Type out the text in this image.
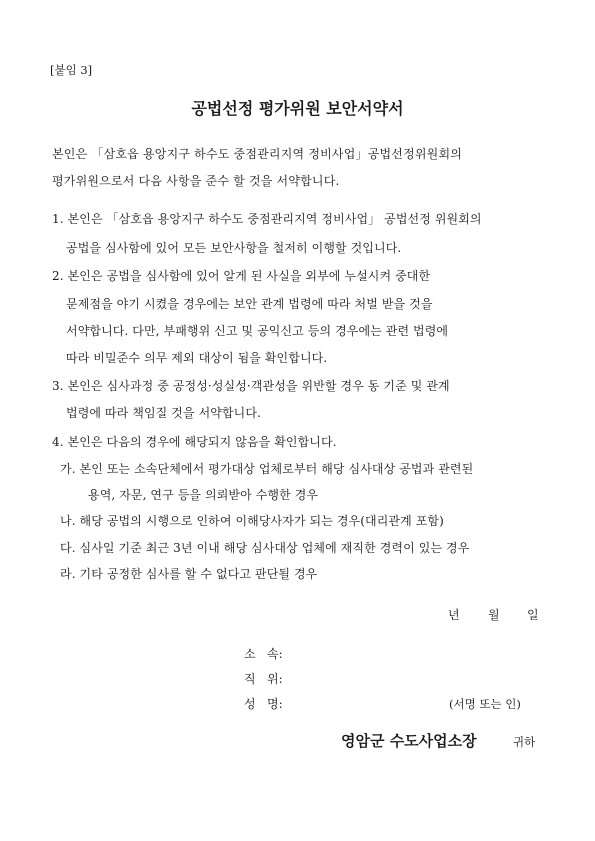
[붙임 3]
공법선정 평가위원 보안서약서
본인은 「삼호읍 용앙지구 하수도 중점관리지역 정비사업」공법선정위원회의
평가위원으로서 다음 사항을 준수 할 것을 서약합니다.
1. 본인은 「삼호읍 용앙지구 하수도 중점관리지역 정비사업」 공법선정 위원회의
공법을 심사함에 있어 모든 보안사항을 철저히 이행할 것입니다.
2. 본인은 공법을 심사함에 있어 알게 된 사실을 외부에 누설시켜 중대한
문제점을 야기 시켰을 경우에는 보안 관계 법령에 따라 처벌 받을 것을
서약합니다. 다만, 부패행위 신고 및 공익신고 등의 경우에는 관련 법령에
따라 비밀준수 의무 제외 대상이 됨을 확인합니다.
3. 본인은 심사과정 중 공정성·성실성·객관성을 위반할 경우 동 기준 및 관계
법령에 따라 책임질 것을 서약합니다.
4. 본인은 다음의 경우에 해당되지 않음을 확인합니다.
가. 본인 또는 소속단체에서 평가대상 업체로부터 해당 심사대상 공법과 관련된
용역, 자문, 연구 등을 의뢰받아 수행한 경우
나. 해당 공법의 시행으로 인하여 이해당사자가 되는 경우(대리관계 포함)
다. 심사일 기준 최근 3년 이내 해당 심사대상 업체에 재직한 경력이 있는 경우
라. 기타 공정한 심사를 할 수 없다고 판단될 경우
년 월 일
소   속:
직   위:
성   명:	(서명 또는 인)
영암군 수도사업소장	귀하
